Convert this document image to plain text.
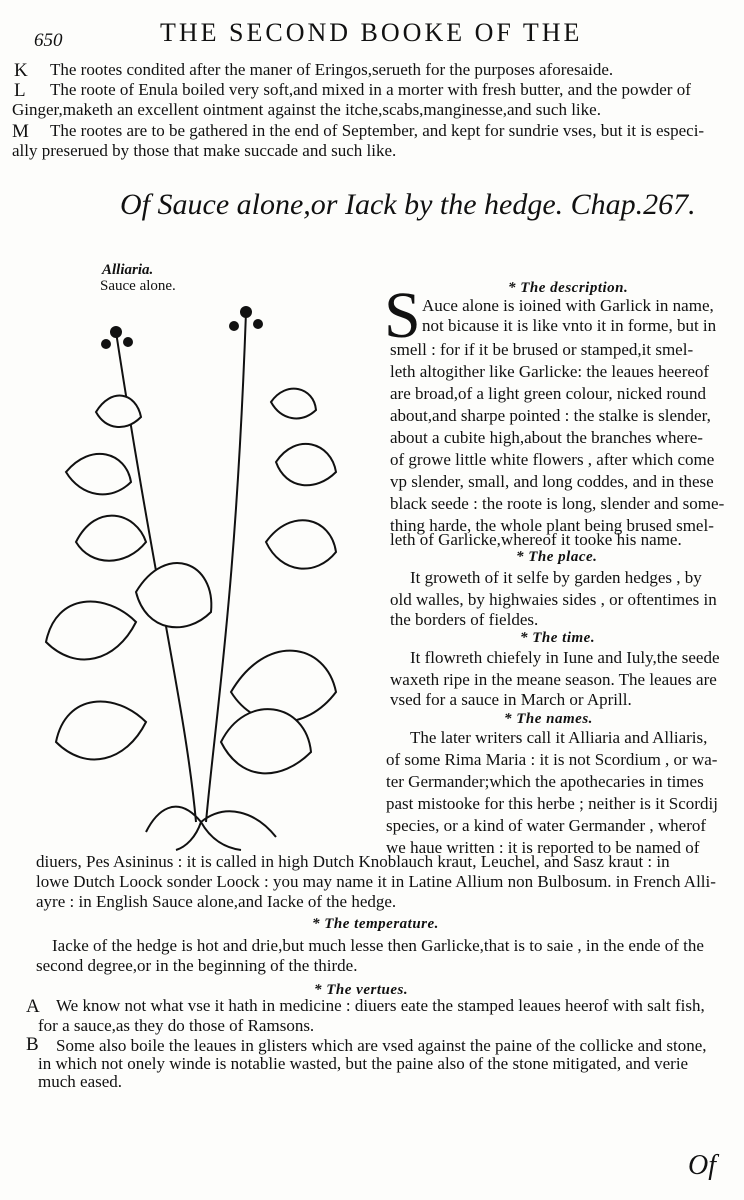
650	THE SECOND BOOKE OF THE
K The rootes condited after the maner of Eringos,serueth for the purposes aforesaide.
L The roote of Enula boiled very soft,and mixed in a morter with fresh butter, and the powder of
Ginger,maketh an excellent ointment against the itche,scabs,manginesse,and such like.
M The rootes are to be gathered in the end of September, and kept for sundrie vses, but it is especi-
ally preserued by those that make succade and such like.
Of Sauce alone,or Iack by the hedge. Chap.267.
Alliaria.
Sauce alone.	* The description.
S Auce alone is ioined with Garlick in name,
not bicause it is like vnto it in forme, but in
smell : for if it be brused or stamped,it smel-
leth altogither like Garlicke: the leaues heereof
are broad,of a light green colour, nicked round
about,and sharpe pointed : the stalke is slender,
about a cubite high,about the branches where-
of growe little white flowers , after which come
vp slender, small, and long coddes, and in these
black seede : the roote is long, slender and some-
thing harde, the whole plant being brused smel-
leth of Garlicke,whereof it tooke his name.
* The place.
It groweth of it selfe by garden hedges , by
old walles, by highwaies sides , or oftentimes in
the borders of fieldes.
* The time.
It flowreth chiefely in Iune and Iuly,the seede
waxeth ripe in the meane season. The leaues are
vsed for a sauce in March or Aprill.
* The names.
The later writers call it Alliaria and Alliaris,
of some Rima Maria : it is not Scordium , or wa-
ter Germander;which the apothecaries in times
past mistooke for this herbe ; neither is it Scordij
species, or a kind of water Germander , wherof
we haue written : it is reported to be named of
diuers, Pes Asininus : it is called in high Dutch Knoblauch kraut, Leuchel, and Sasz kraut : in
lowe Dutch Loock sonder Loock : you may name it in Latine Allium non Bulbosum. in French Alli-
ayre : in English Sauce alone,and Iacke of the hedge.
* The temperature.
Iacke of the hedge is hot and drie,but much lesse then Garlicke,that is to saie , in the ende of the
second degree,or in the beginning of the thirde.
* The vertues.
A We know not what vse it hath in medicine : diuers eate the stamped leaues heerof with salt fish,
for a sauce,as they do those of Ramsons.
B Some also boile the leaues in glisters which are vsed against the paine of the collicke and stone,
in which not onely winde is notablie wasted, but the paine also of the stone mitigated, and verie
much eased.
Of
